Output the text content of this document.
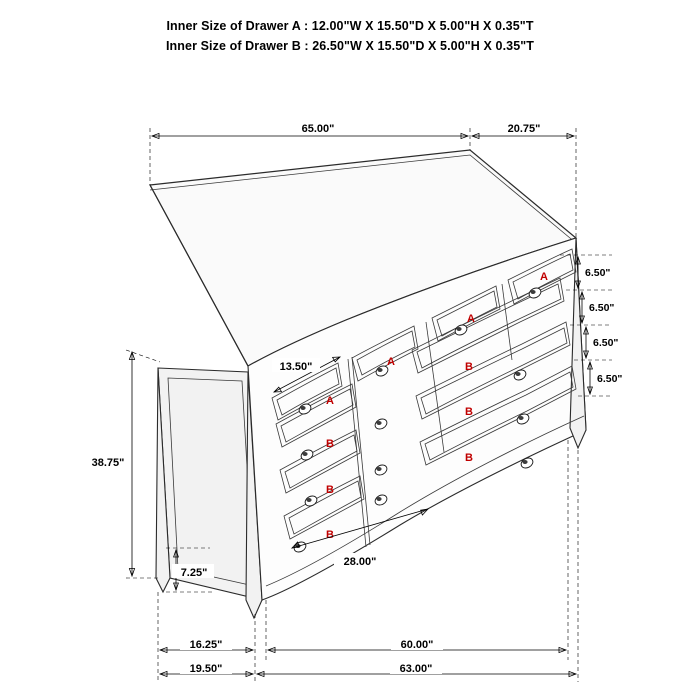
Inner Size of Drawer A : 12.00"W X 15.50"D X 5.00"H X 0.35"T
Inner Size of Drawer B : 26.50"W X 15.50"D X 5.00"H X 0.35"T
65.00"	20.75"
A
A
A
A
B
B
B
B
B
B
6.50"
6.50"
6.50"
6.50"
38.75"
7.25"
13.50"
28.00"
16.25"	60.00"
19.50"	63.00"
